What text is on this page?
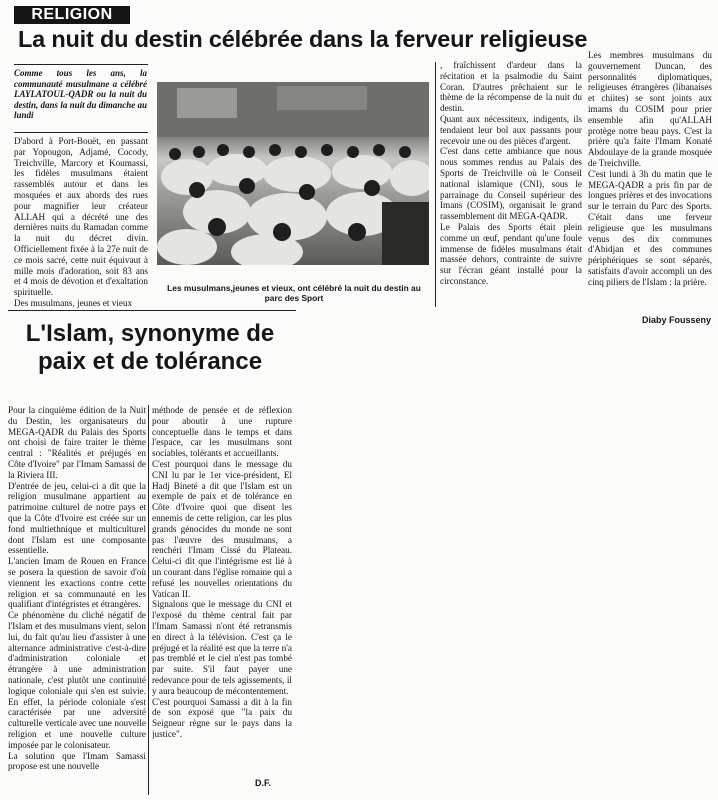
RELIGION
La nuit du destin célébrée dans la ferveur religieuse
Comme tous les ans, la communauté musulmane a célébré LAYLATOUL-QADR ou la nuit du destin, dans la nuit du dimanche au lundi
D'abord à Port-Bouët, en passant par Yopougon, Adjamé, Cocody, Treichville, Marcory et Koumassi, les fidèles musulmans étaient rassemblés autour et dans les mosquées et aux abords des rues pour magnifier leur créateur ALLAH qui a décrété une des dernières nuits du Ramadan comme la nuit du décret divin. Officiellement fixée à la 27e nuit de ce mois sacré, cette nuit équivaut à mille mois d'adoration, soit 83 ans et 4 mois de dévotion et d'exaltation spirituelle.
Des musulmans, jeunes et vieux
Les musulmans,jeunes et vieux, ont célébré la nuit du destin au parc des Sport
, fraîchissent d'ardeur dans la récitation et la psalmodie du Saint Coran. D'autres prêchaient sur le thème de la récompense de la nuit du destin.
Quant aux nécessiteux, indigents, ils tendaient leur bol aux passants pour recevoir une ou des pièces d'argent.
C'est dans cette ambiance que nous nous sommes rendus au Palais des Sports de Treichville où le Conseil national islamique (CNI), sous le parrainage du Conseil supérieur des Imans (COSIM), organisait le grand rassemblement dit MEGA-QADR.
Le Palais des Sports était plein comme un œuf, pendant qu'une foule immense de fidèles musulmans était massée dehors, contrainte de suivre sur l'écran géant installé pour la circonstance.
Les membres musulmans du gouvernement Duncan, des personnalités diplomatiques, religieuses étrangères (libanaises et chiites) se sont joints aux imams du COSIM pour prier ensemble afin qu'ALLAH protège notre beau pays. C'est la prière qu'a faite l'Imam Konaté Abdoulaye de la grande mosquée de Treichville.
C'est lundi à 3h du matin que le MEGA-QADR a pris fin par de longues prières et des invocations sur le terrain du Parc des Sports. C'était dans une ferveur religieuse que les musulmans venus des dix communes d'Abidjan et des communes périphériques se sont séparés, satisfaits d'avoir accompli un des cinq piliers de l'Islam : la prière.
Diaby Fousseny
L'Islam, synonyme de paix et de tolérance
Pour la cinquième édition de la Nuit du Destin, les organisateurs du MEGA-QADR du Palais des Sports ont choisi de faire traiter le thème central : "Réalités et préjugés en Côte d'Ivoire" par l'Imam Samassi de la Riviera III.
D'entrée de jeu, celui-ci a dit que la religion musulmane appartient au patrimoine culturel de notre pays et que la Côte d'Ivoire est créée sur un fond multiethnique et multiculturel dont l'Islam est une composante essentielle.
L'ancien Imam de Rouen en France se posera la question de savoir d'où viennent les exactions contre cette religion et sa communauté en les qualifiant d'intégristes et étrangères.
Ce phénomène du cliché négatif de l'Islam et des musulmans vient, selon lui, du fait qu'au lieu d'assister à une alternance administrative c'est-à-dire d'administration coloniale et étrangère à une administration nationale, c'est plutôt une continuité logique coloniale qui s'en est suivie. En effet, la période coloniale s'est caractérisée par une adversité culturelle verticale avec une nouvelle religion et une nouvelle culture imposée par le colonisateur.
La solution que l'Imam Samassi propose est une nouvelle
méthode de pensée et de réflexion pour aboutir à une rupture conceptuelle dans le temps et dans l'espace, car les musulmans sont sociables, tolérants et accueillants.
C'est pourquoi dans le message du CNI lu par le 1er vice-président, El Hadj Bineté a dit que l'Islam est un exemple de paix et de tolérance en Côte d'Ivoire quoi que disent les ennemis de cette religion, car les plus grands génocides du monde ne sont pas l'œuvre des musulmans, a renchéri l'Imam Cissé du Plateau. Celui-ci dit que l'intégrisme est lié à un courant dans l'église romaine qui a refusé les nouvelles orientations du Vatican II.
Signalons que le message du CNI et l'exposé du thème central fait par l'Imam Samassi n'ont été retransmis en direct à la télévision. C'est ça le préjugé et la réalité est que la terre n'a pas tremblé et le ciel n'est pas tombé par suite. S'il faut payer une redevance pour de tels agissements, il y aura beaucoup de mécontentement.
C'est pourquoi Samassi a dit à la fin de son exposé que "la paix du Seigneur règne sur le pays dans la justice".
D.F.
